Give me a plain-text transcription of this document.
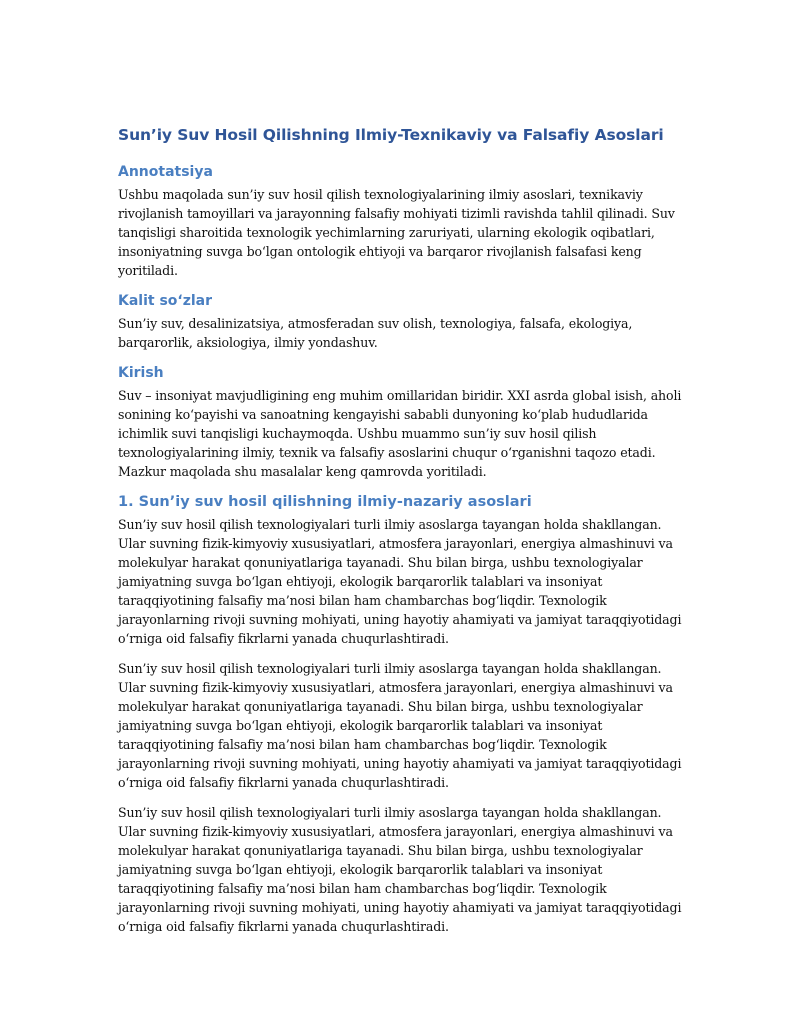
Sun’iy Suv Hosil Qilishning Ilmiy-Texnikaviy va Falsafiy Asoslari
Annotatsiya

Ushbu maqolada sun’iy suv hosil qilish texnologiyalarining ilmiy asoslari, texnikaviy rivojlanish tamoyillari va jarayonning falsafiy mohiyati tizimli ravishda tahlil qilinadi. Suv tanqisligi sharoitida texnologik yechimlarning zaruriyati, ularning ekologik oqibatlari, insoniyatning suvga bo‘lgan ontologik ehtiyoji va barqaror rivojlanish falsafasi keng yoritiladi.

Kalit so‘zlar

Sun’iy suv, desalinizatsiya, atmosferadan suv olish, texnologiya, falsafa, ekologiya, barqarorlik, aksiologiya, ilmiy yondashuv.

Kirish

Suv – insoniyat mavjudligining eng muhim omillaridan biridir. XXI asrda global isish, aholi sonining ko‘payishi va sanoatning kengayishi sababli dunyoning ko‘plab hududlarida ichimlik suvi tanqisligi kuchaymoqda. Ushbu muammo sun’iy suv hosil qilish texnologiyalarining ilmiy, texnik va falsafiy asoslarini chuqur o‘rganishni taqozo etadi. Mazkur maqolada shu masalalar keng qamrovda yoritiladi.

1. Sun’iy suv hosil qilishning ilmiy-nazariy asoslari

Sun’iy suv hosil qilish texnologiyalari turli ilmiy asoslarga tayangan holda shakllangan. Ular suvning fizik-kimyoviy xususiyatlari, atmosfera jarayonlari, energiya almashinuvi va molekulyar harakat qonuniyatlariga tayanadi. Shu bilan birga, ushbu texnologiyalar jamiyatning suvga bo‘lgan ehtiyoji, ekologik barqarorlik talablari va insoniyat taraqqiyotining falsafiy ma’nosi bilan ham chambarchas bog‘liqdir. Texnologik jarayonlarning rivoji suvning mohiyati, uning hayotiy ahamiyati va jamiyat taraqqiyotidagi o‘rniga oid falsafiy fikrlarni yanada chuqurlashtiradi.

Sun’iy suv hosil qilish texnologiyalari turli ilmiy asoslarga tayangan holda shakllangan. Ular suvning fizik-kimyoviy xususiyatlari, atmosfera jarayonlari, energiya almashinuvi va molekulyar harakat qonuniyatlariga tayanadi. Shu bilan birga, ushbu texnologiyalar jamiyatning suvga bo‘lgan ehtiyoji, ekologik barqarorlik talablari va insoniyat taraqqiyotining falsafiy ma’nosi bilan ham chambarchas bog‘liqdir. Texnologik jarayonlarning rivoji suvning mohiyati, uning hayotiy ahamiyati va jamiyat taraqqiyotidagi o‘rniga oid falsafiy fikrlarni yanada chuqurlashtiradi.

Sun’iy suv hosil qilish texnologiyalari turli ilmiy asoslarga tayangan holda shakllangan. Ular suvning fizik-kimyoviy xususiyatlari, atmosfera jarayonlari, energiya almashinuvi va molekulyar harakat qonuniyatlariga tayanadi. Shu bilan birga, ushbu texnologiyalar jamiyatning suvga bo‘lgan ehtiyoji, ekologik barqarorlik talablari va insoniyat taraqqiyotining falsafiy ma’nosi bilan ham chambarchas bog‘liqdir. Texnologik jarayonlarning rivoji suvning mohiyati, uning hayotiy ahamiyati va jamiyat taraqqiyotidagi o‘rniga oid falsafiy fikrlarni yanada chuqurlashtiradi.
